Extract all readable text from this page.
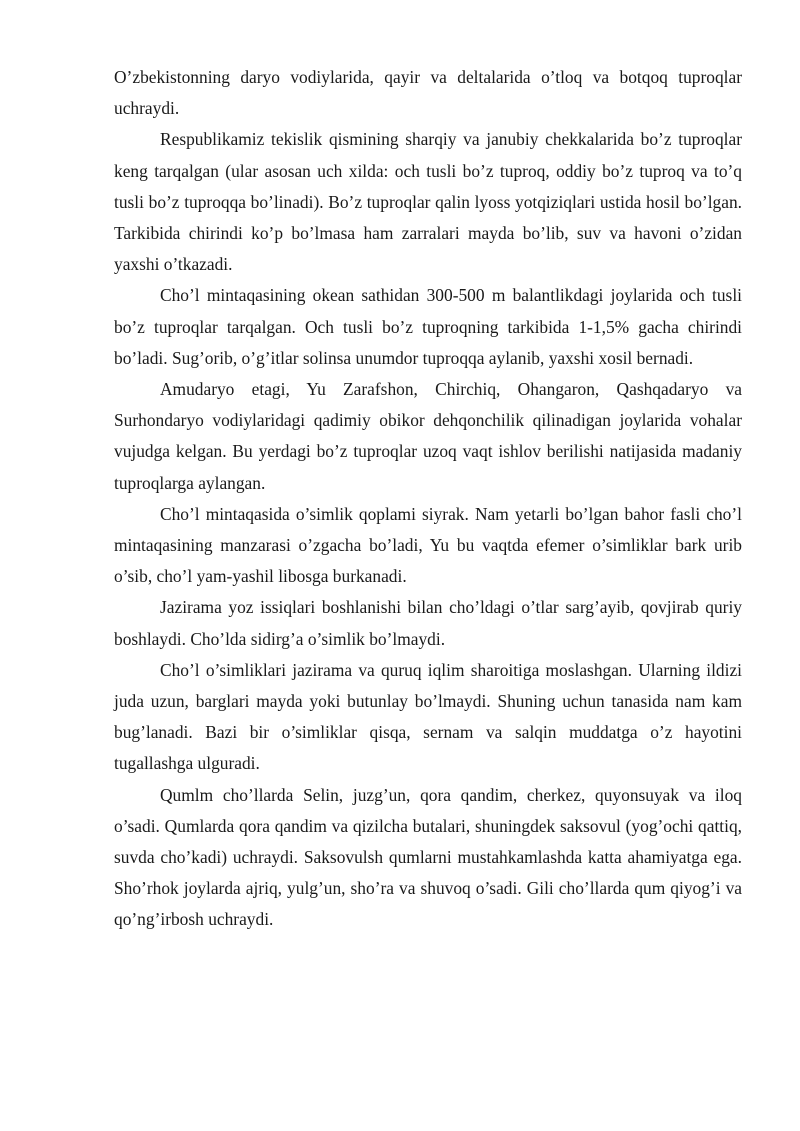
O’zbekistonning daryo vodiylarida, qayir va deltalarida o’tloq va botqoq tuproqlar uchraydi.

Respublikamiz tekislik qismining sharqiy va janubiy chekkalarida bo’z tuproqlar keng tarqalgan (ular asosan uch xilda: och tusli bo’z tuproq, oddiy bo’z tuproq va to’q tusli bo’z tuproqqa bo’linadi). Bo’z tuproqlar qalin lyoss yotqiziqlari ustida hosil bo’lgan. Tarkibida chirindi ko’p bo’lmasa ham zarralari mayda bo’lib, suv va havoni o’zidan yaxshi o’tkazadi.

Cho’l mintaqasining okean sathidan 300-500 m balantlikdagi joylarida och tusli bo’z tuproqlar tarqalgan. Och tusli bo’z tuproqning tarkibida 1-1,5% gacha chirindi bo’ladi. Sug’orib, o’g’itlar solinsa unumdor tuproqqa aylanib, yaxshi xosil bernadi.

Amudaryo etagi, Yu Zarafshon, Chirchiq, Ohangaron, Qashqadaryo va Surhondaryo vodiylaridagi qadimiy obikor dehqonchilik qilinadigan joylarida vohalar vujudga kelgan. Bu yerdagi bo’z tuproqlar uzoq vaqt ishlov berilishi natijasida madaniy tuproqlarga aylangan.

Cho’l mintaqasida o’simlik qoplami siyrak. Nam yetarli bo’lgan bahor fasli cho’l mintaqasining manzarasi o’zgacha bo’ladi, Yu bu vaqtda efemer o’simliklar bark urib o’sib, cho’l yam-yashil libosga burkanadi.

Jazirama yoz issiqlari boshlanishi bilan cho’ldagi o’tlar sarg’ayib, qovjirab quriy boshlaydi. Cho’lda sidirg’a o’simlik bo’lmaydi.

Cho’l o’simliklari jazirama va quruq iqlim sharoitiga moslashgan. Ularning ildizi juda uzun, barglari mayda yoki butunlay bo’lmaydi. Shuning uchun tanasida nam kam bug’lanadi. Bazi bir o’simliklar qisqa, sernam va salqin muddatga o’z hayotini tugallashga ulguradi.

Qumlm cho’llarda Selin, juzg’un, qora qandim, cherkez, quyonsuyak va iloq o’sadi. Qumlarda qora qandim va qizilcha butalari, shuningdek saksovul (yog’ochi qattiq, suvda cho’kadi) uchraydi. Saksovulsh qumlarni mustahkamlashda katta ahamiyatga ega. Sho’rhok joylarda ajriq, yulg’un, sho’ra va shuvoq o’sadi. Gili cho’llarda qum qiyog’i va qo’ng’irbosh uchraydi.
